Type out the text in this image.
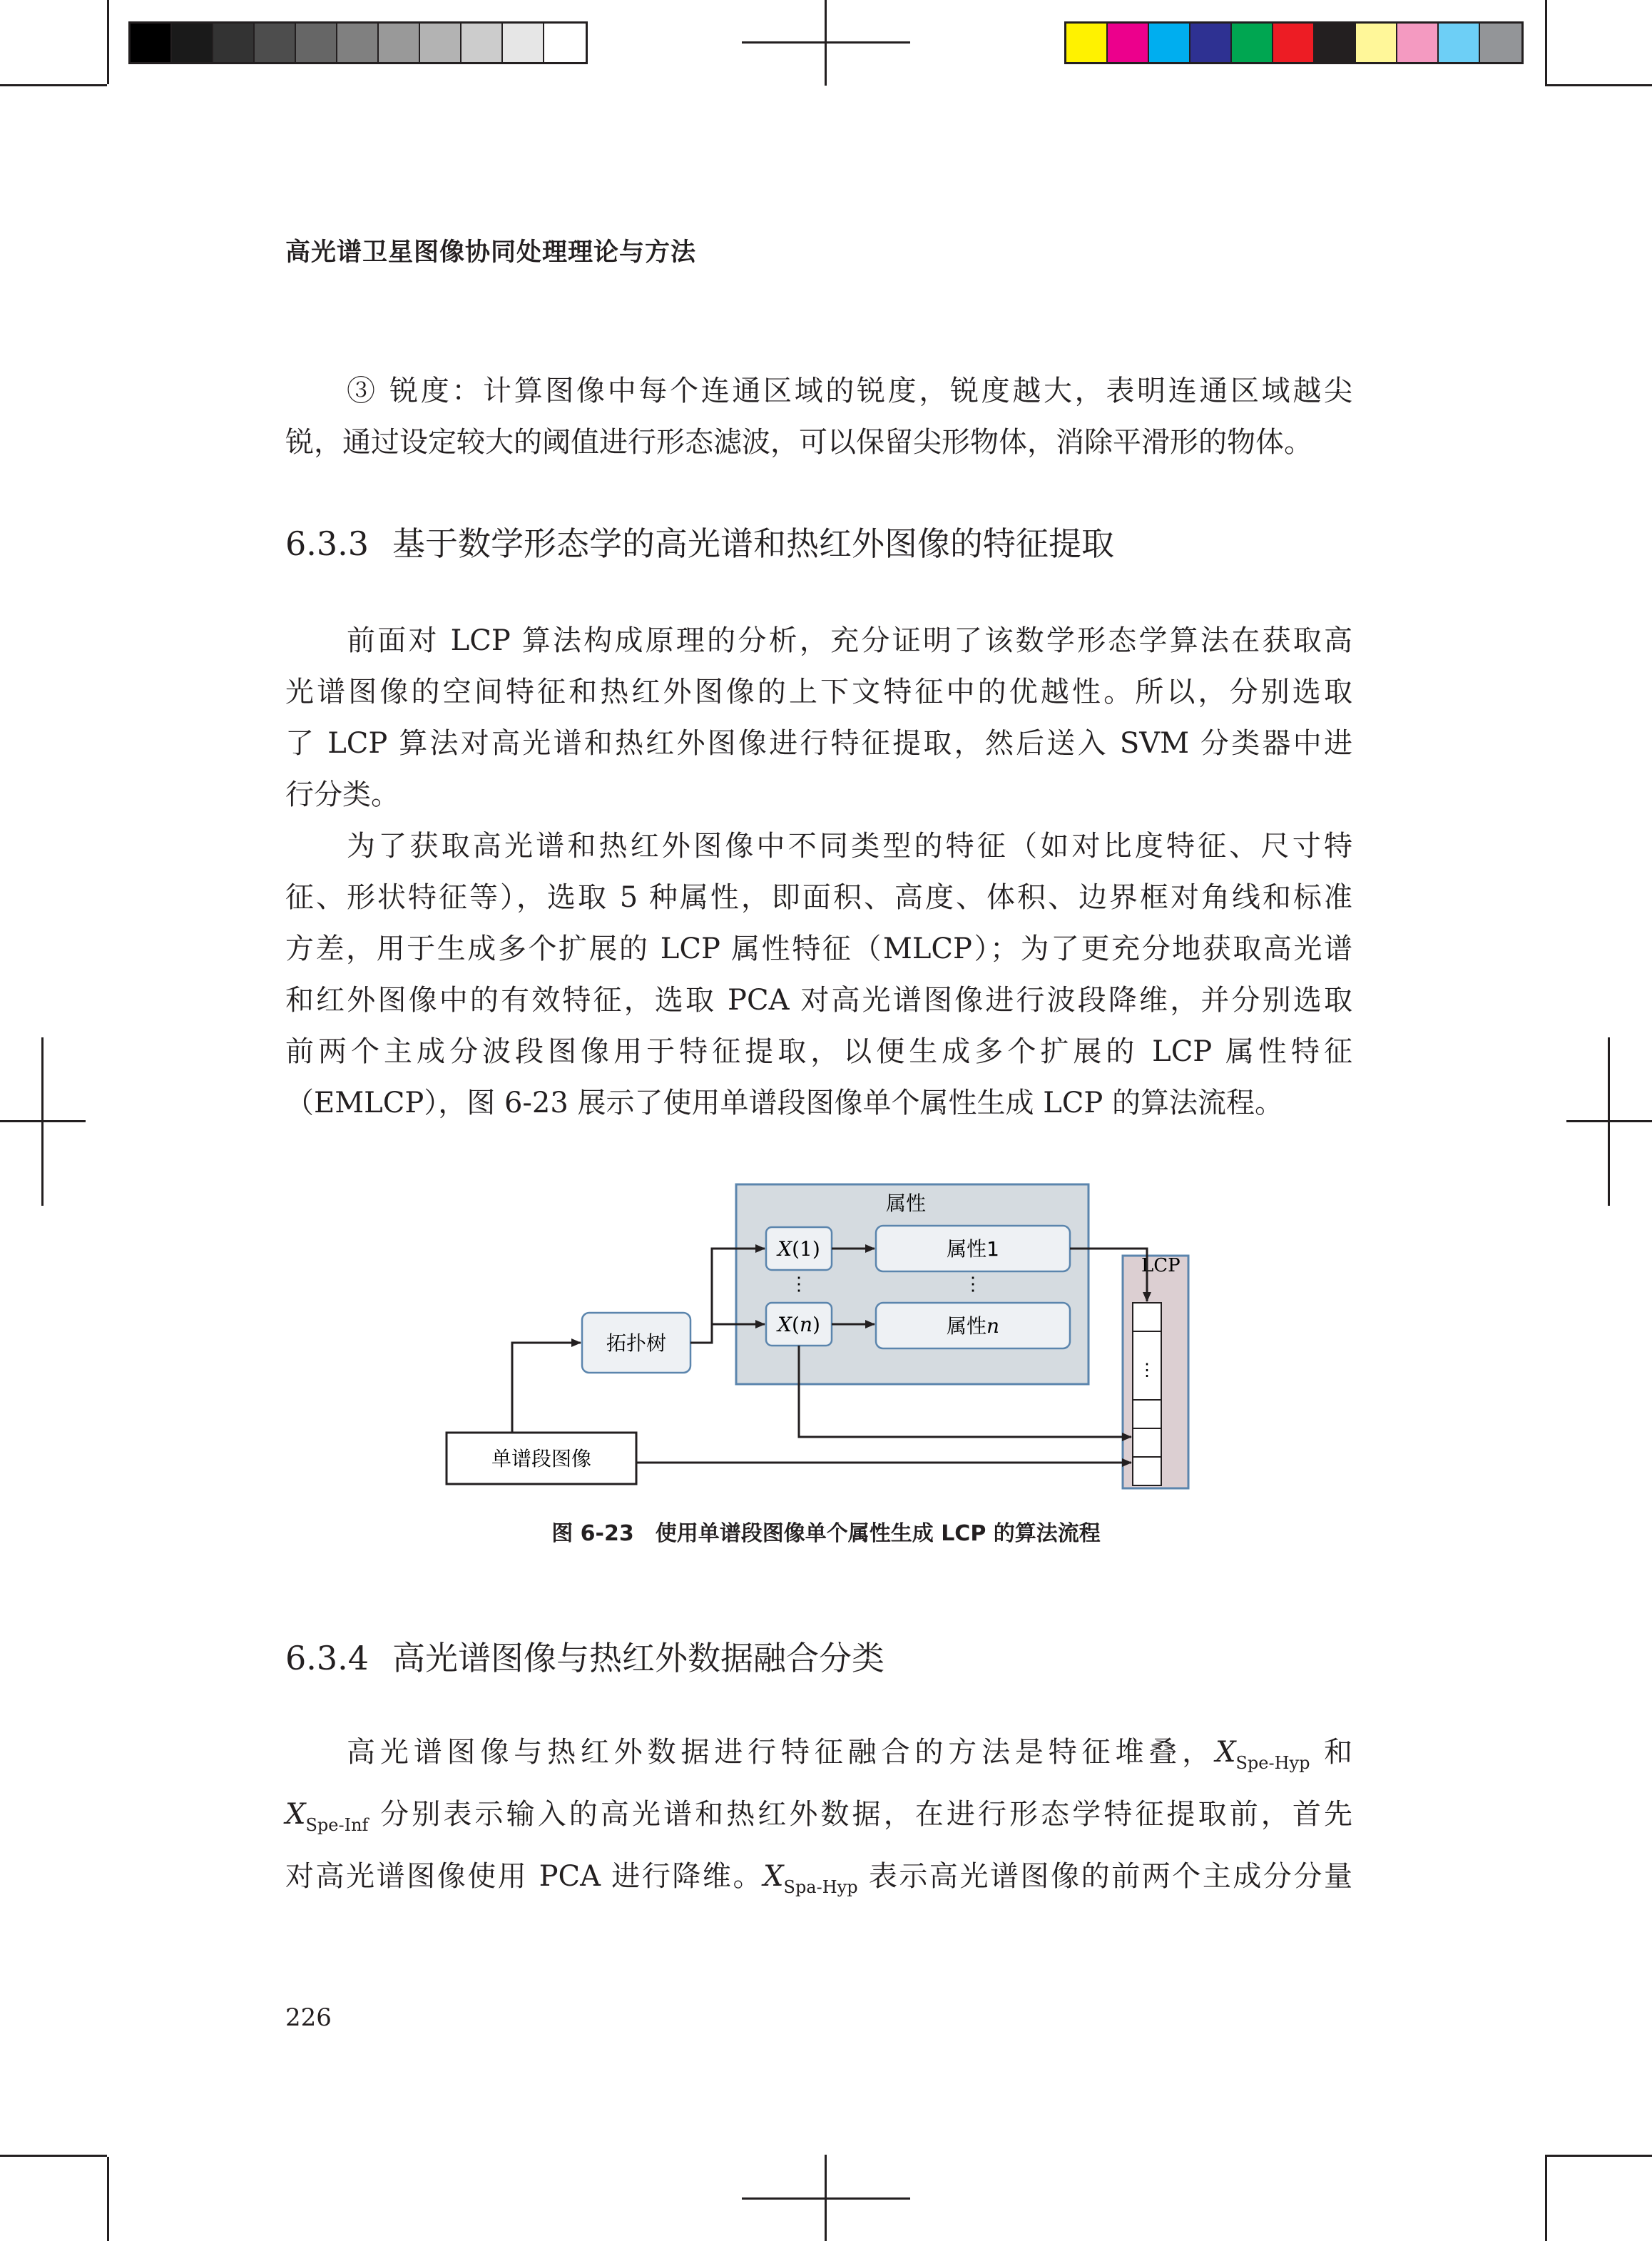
高光谱卫星图像协同处理理论与方法
③ 锐度：计算图像中每个连通区域的锐度，锐度越大，表明连通区域越尖
锐，通过设定较大的阈值进行形态滤波，可以保留尖形物体，消除平滑形的物体。
6.3.3 基于数学形态学的高光谱和热红外图像的特征提取
前面对 LCP 算法构成原理的分析，充分证明了该数学形态学算法在获取高
光谱图像的空间特征和热红外图像的上下文特征中的优越性。所以，分别选取
了 LCP 算法对高光谱和热红外图像进行特征提取，然后送入 SVM 分类器中进
行分类。
为了获取高光谱和热红外图像中不同类型的特征（如对比度特征、尺寸特
征、形状特征等），选取 5 种属性，即面积、高度、体积、边界框对角线和标准
方差，用于生成多个扩展的 LCP 属性特征（MLCP）；为了更充分地获取高光谱
和红外图像中的有效特征，选取 PCA 对高光谱图像进行波段降维，并分别选取
前两个主成分波段图像用于特征提取，以便生成多个扩展的 LCP 属性特征
（EMLCP），图 6-23 展示了使用单谱段图像单个属性生成 LCP 的算法流程。
属性
X(1)	属性1
⋮	⋮
X(n)	属性n
拓扑树
单谱段图像
LCP
⋮
图 6-23　使用单谱段图像单个属性生成 LCP 的算法流程
6.3.4 高光谱图像与热红外数据融合分类
高光谱图像与热红外数据进行特征融合的方法是特征堆叠，$X_{Spe-Hyp}$ 和
$X_{Spe-Inf}$ 分别表示输入的高光谱和热红外数据，在进行形态学特征提取前，首先
对高光谱图像使用 PCA 进行降维。$X_{Spa-Hyp}$ 表示高光谱图像的前两个主成分分量
226
